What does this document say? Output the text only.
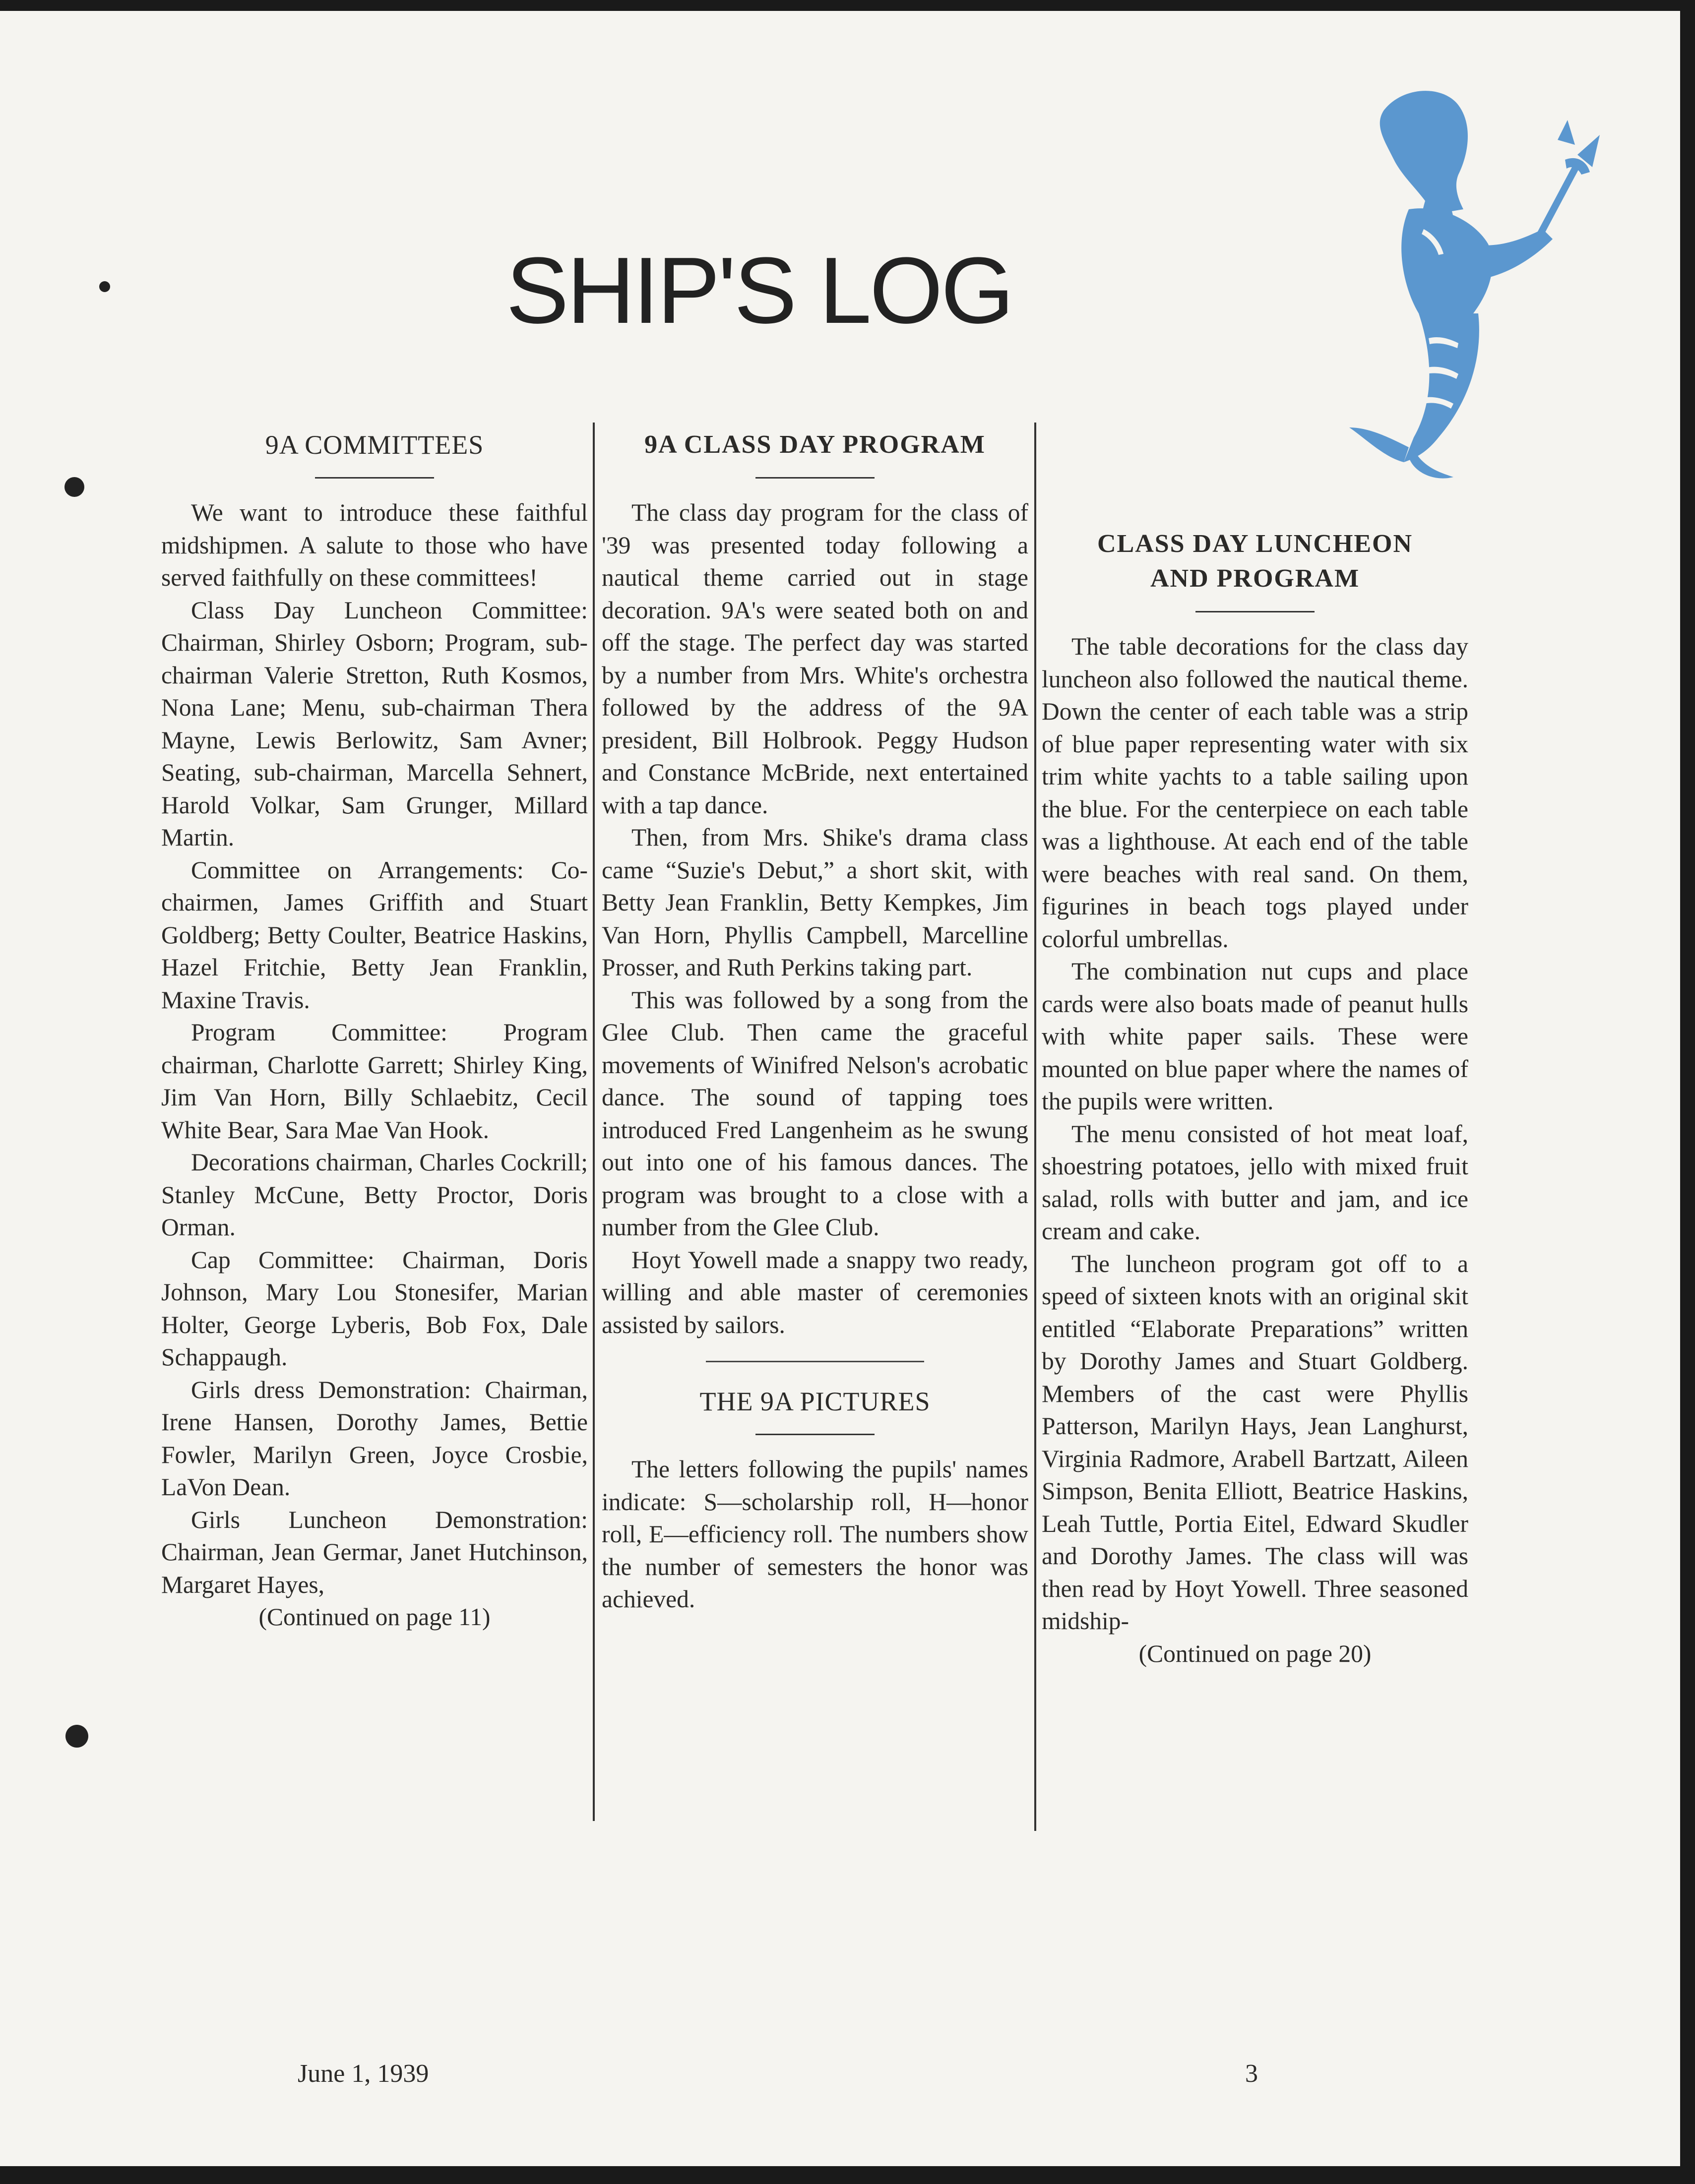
SHIP'S LOG
9A COMMITTEES

We want to introduce these faithful midshipmen. A salute to those who have served faithfully on these committees!

Class Day Luncheon Committee: Chairman, Shirley Osborn; Program, sub-chairman Valerie Stretton, Ruth Kosmos, Nona Lane; Menu, sub-chairman Thera Mayne, Lewis Berlowitz, Sam Avner; Seating, sub-chairman, Marcella Sehnert, Harold Volkar, Sam Grunger, Millard Martin.

Committee on Arrangements: Co-chairmen, James Griffith and Stuart Goldberg; Betty Coulter, Beatrice Haskins, Hazel Fritchie, Betty Jean Franklin, Maxine Travis.

Program Committee: Program chairman, Charlotte Garrett; Shirley King, Jim Van Horn, Billy Schlaebitz, Cecil White Bear, Sara Mae Van Hook.

Decorations chairman, Charles Cockrill; Stanley McCune, Betty Proctor, Doris Orman.

Cap Committee: Chairman, Doris Johnson, Mary Lou Stonesifer, Marian Holter, George Lyberis, Bob Fox, Dale Schappaugh.

Girls dress Demonstration: Chairman, Irene Hansen, Dorothy James, Bettie Fowler, Marilyn Green, Joyce Crosbie, LaVon Dean.

Girls Luncheon Demonstration: Chairman, Jean Germar, Janet Hutchinson, Margaret Hayes,

(Continued on page 11)

9A CLASS DAY PROGRAM

The class day program for the class of '39 was presented today following a nautical theme carried out in stage decoration. 9A's were seated both on and off the stage. The perfect day was started by a number from Mrs. White's orchestra followed by the address of the 9A president, Bill Holbrook. Peggy Hudson and Constance McBride, next entertained with a tap dance.

Then, from Mrs. Shike's drama class came “Suzie's Debut,” a short skit, with Betty Jean Franklin, Betty Kempkes, Jim Van Horn, Phyllis Campbell, Marcelline Prosser, and Ruth Perkins taking part.

This was followed by a song from the Glee Club. Then came the graceful movements of Winifred Nelson's acrobatic dance. The sound of tapping toes introduced Fred Langenheim as he swung out into one of his famous dances. The program was brought to a close with a number from the Glee Club.

Hoyt Yowell made a snappy two ready, willing and able master of ceremonies assisted by sailors.

THE 9A PICTURES

The letters following the pupils' names indicate: S—scholarship roll, H—honor roll, E—efficiency roll. The numbers show the number of semesters the honor was achieved.

CLASS DAY LUNCHEON
AND PROGRAM

The table decorations for the class day luncheon also followed the nautical theme. Down the center of each table was a strip of blue paper representing water with six trim white yachts to a table sailing upon the blue. For the centerpiece on each table was a lighthouse. At each end of the table were beaches with real sand. On them, figurines in beach togs played under colorful umbrellas.

The combination nut cups and place cards were also boats made of peanut hulls with white paper sails. These were mounted on blue paper where the names of the pupils were written.

The menu consisted of hot meat loaf, shoestring potatoes, jello with mixed fruit salad, rolls with butter and jam, and ice cream and cake.

The luncheon program got off to a speed of sixteen knots with an original skit entitled “Elaborate Preparations” written by Dorothy James and Stuart Goldberg. Members of the cast were Phyllis Patterson, Marilyn Hays, Jean Langhurst, Virginia Radmore, Arabell Bartzatt, Aileen Simpson, Benita Elliott, Beatrice Haskins, Leah Tuttle, Portia Eitel, Edward Skudler and Dorothy James. The class will was then read by Hoyt Yowell. Three seasoned midship-

(Continued on page 20)

June 1, 1939	3
